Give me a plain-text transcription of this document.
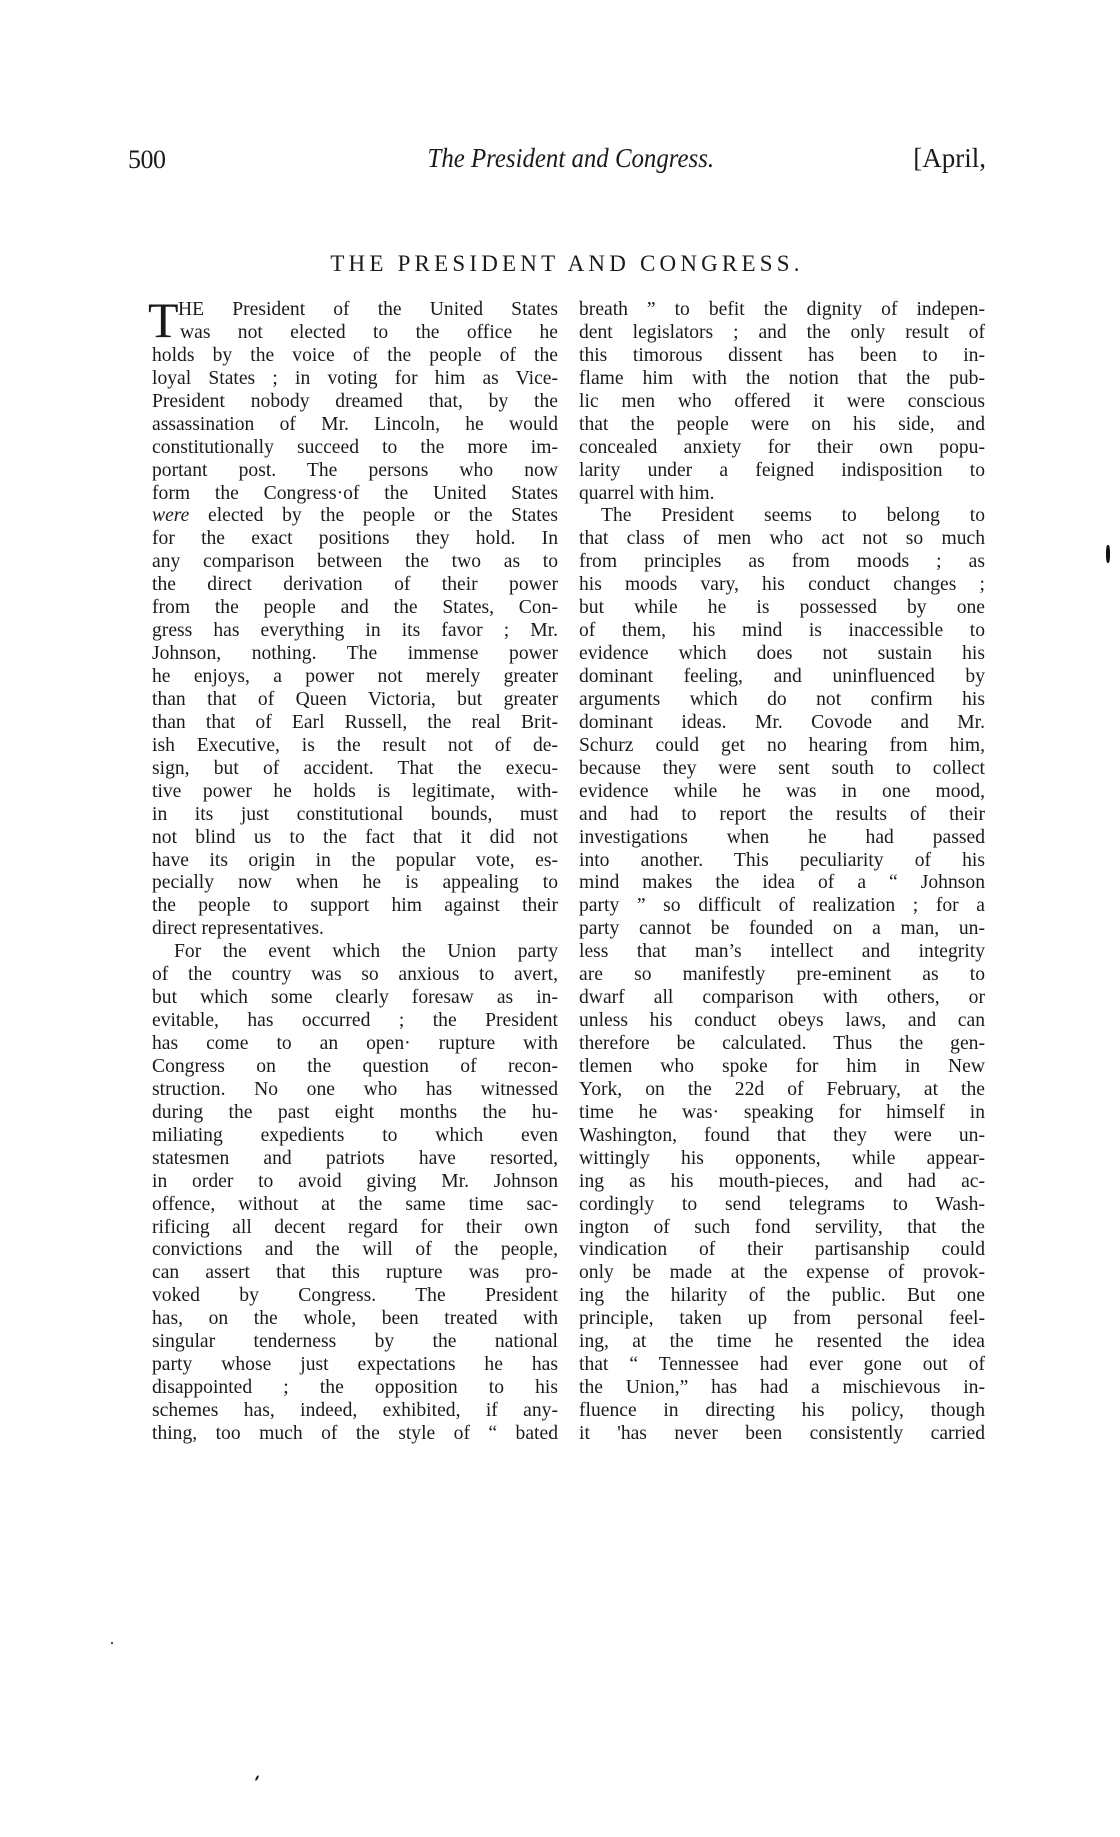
500	The President and Congress.	[April,
THE PRESIDENT AND CONGRESS.
T HE President of the United States
was not elected to the office he
holds by the voice of the people of the
loyal States ; in voting for him as Vice-
President nobody dreamed that, by the
assassination of Mr. Lincoln, he would
constitutionally succeed to the more im-
portant post. The persons who now
form the Congress·of the United States
were elected by the people or the States
for the exact positions they hold. In
any comparison between the two as to
the direct derivation of their power
from the people and the States, Con-
gress has everything in its favor ; Mr.
Johnson, nothing. The immense power
he enjoys, a power not merely greater
than that of Queen Victoria, but greater
than that of Earl Russell, the real Brit-
ish Executive, is the result not of de-
sign, but of accident. That the execu-
tive power he holds is legitimate, with-
in its just constitutional bounds, must
not blind us to the fact that it did not
have its origin in the popular vote, es-
pecially now when he is appealing to
the people to support him against their
direct representatives.
For the event which the Union party
of the country was so anxious to avert,
but which some clearly foresaw as in-
evitable, has occurred ; the President
has come to an open· rupture with
Congress on the question of recon-
struction. No one who has witnessed
during the past eight months the hu-
miliating expedients to which even
statesmen and patriots have resorted,
in order to avoid giving Mr. Johnson
offence, without at the same time sac-
rificing all decent regard for their own
convictions and the will of the people,
can assert that this rupture was pro-
voked by Congress. The President
has, on the whole, been treated with
singular tenderness by the national
party whose just expectations he has
disappointed ; the opposition to his
schemes has, indeed, exhibited, if any-
thing, too much of the style of “ bated
breath ” to befit the dignity of indepen-
dent legislators ; and the only result of
this timorous dissent has been to in-
flame him with the notion that the pub-
lic men who offered it were conscious
that the people were on his side, and
concealed anxiety for their own popu-
larity under a feigned indisposition to
quarrel with him.
The President seems to belong to
that class of men who act not so much
from principles as from moods ; as
his moods vary, his conduct changes ;
but while he is possessed by one
of them, his mind is inaccessible to
evidence which does not sustain his
dominant feeling, and uninfluenced by
arguments which do not confirm his
dominant ideas. Mr. Covode and Mr.
Schurz could get no hearing from him,
because they were sent south to collect
evidence while he was in one mood,
and had to report the results of their
investigations when he had passed
into another. This peculiarity of his
mind makes the idea of a “ Johnson
party ” so difficult of realization ; for a
party cannot be founded on a man, un-
less that man’s intellect and integrity
are so manifestly pre-eminent as to
dwarf all comparison with others, or
unless his conduct obeys laws, and can
therefore be calculated. Thus the gen-
tlemen who spoke for him in New
York, on the 22d of February, at the
time he was· speaking for himself in
Washington, found that they were un-
wittingly his opponents, while appear-
ing as his mouth-pieces, and had ac-
cordingly to send telegrams to Wash-
ington of such fond servility, that the
vindication of their partisanship could
only be made at the expense of provok-
ing the hilarity of the public. But one
principle, taken up from personal feel-
ing, at the time he resented the idea
that “ Tennessee had ever gone out of
the Union,” has had a mischievous in-
fluence in directing his policy, though
it 'has never been consistently carried
